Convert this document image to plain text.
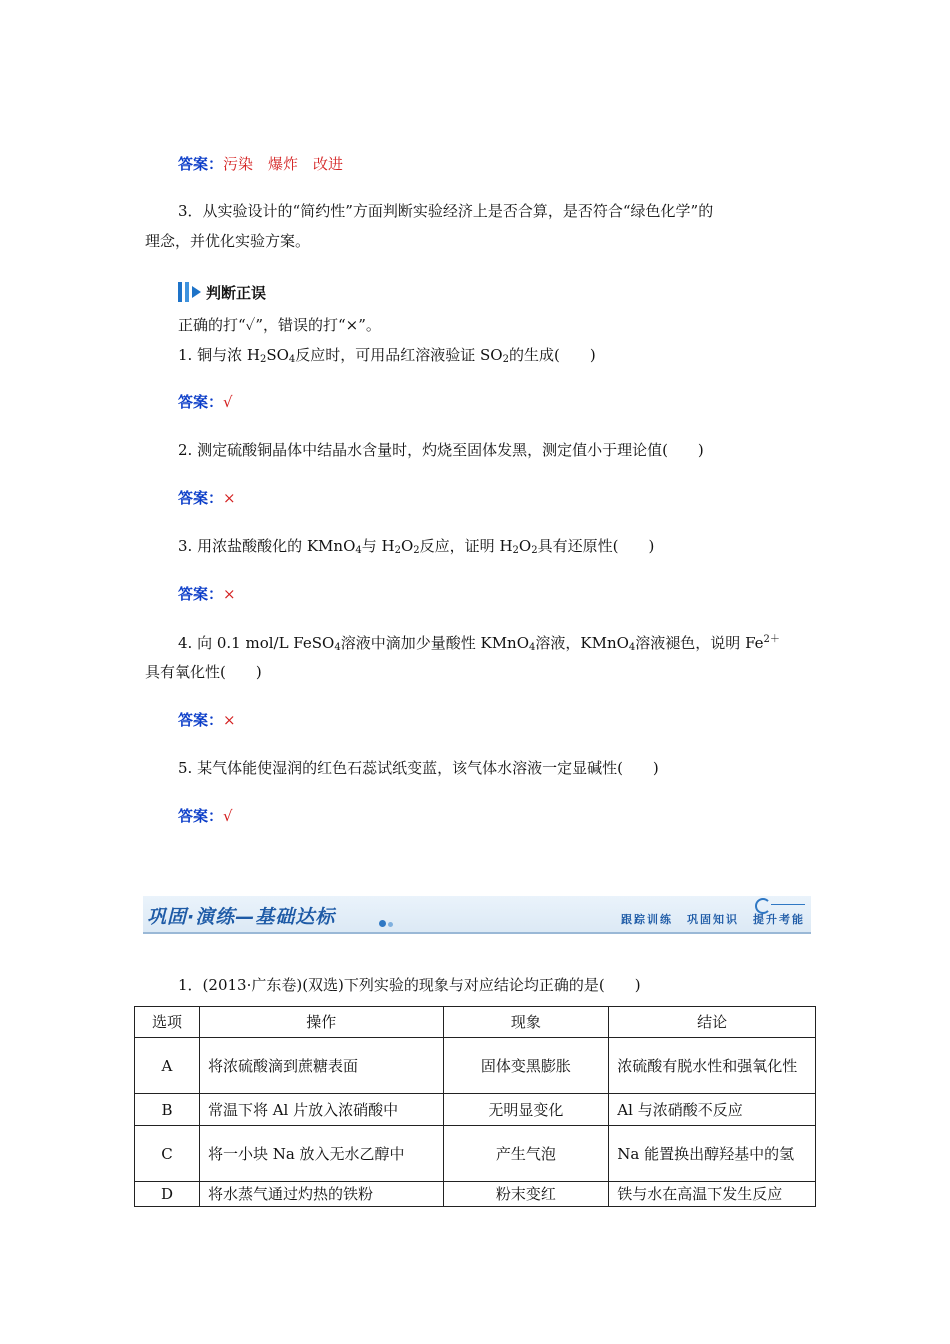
答案：污染　爆炸　改进
3．从实验设计的“简约性”方面判断实验经济上是否合算，是否符合“绿色化学”的
理念，并优化实验方案。
判断正误
正确的打“✓”，错误的打“×”。
1. 铜与浓 $H_2SO_4$反应时，可用品红溶液验证 $SO_2$的生成(　　)
答案：√
2. 测定硫酸铜晶体中结晶水含量时，灼烧至固体发黑，测定值小于理论值(　　)
答案：×
3. 用浓盐酸酸化的 KMnO$_4$与 $H_2O_2$反应，证明 $H_2O_2$具有还原性(　　)
答案：×
4. 向 0.1 mol/L FeSO$_4$溶液中滴加少量酸性 KMnO$_4$溶液，KMnO$_4$溶液褪色，说明 $Fe^{2+}$
具有氧化性(　　)
答案：×
5. 某气体能使湿润的红色石蕊试纸变蓝，该气体水溶液一定显碱性(　　)
答案：√
巩固·演练—基础达标	跟踪训练 巩固知识 提升考能
1．(2013·广东卷)(双选)下列实验的现象与对应结论均正确的是(　　)
选项	操作	现象	结论
A	将浓硫酸滴到蔗糖表面	固体变黑膨胀	浓硫酸有脱水性和强氧化性
B	常温下将 Al 片放入浓硝酸中	无明显变化	Al 与浓硝酸不反应
C	将一小块 Na 放入无水乙醇中	产生气泡	Na 能置换出醇羟基中的氢
D	将水蒸气通过灼热的铁粉	粉末变红	铁与水在高温下发生反应
